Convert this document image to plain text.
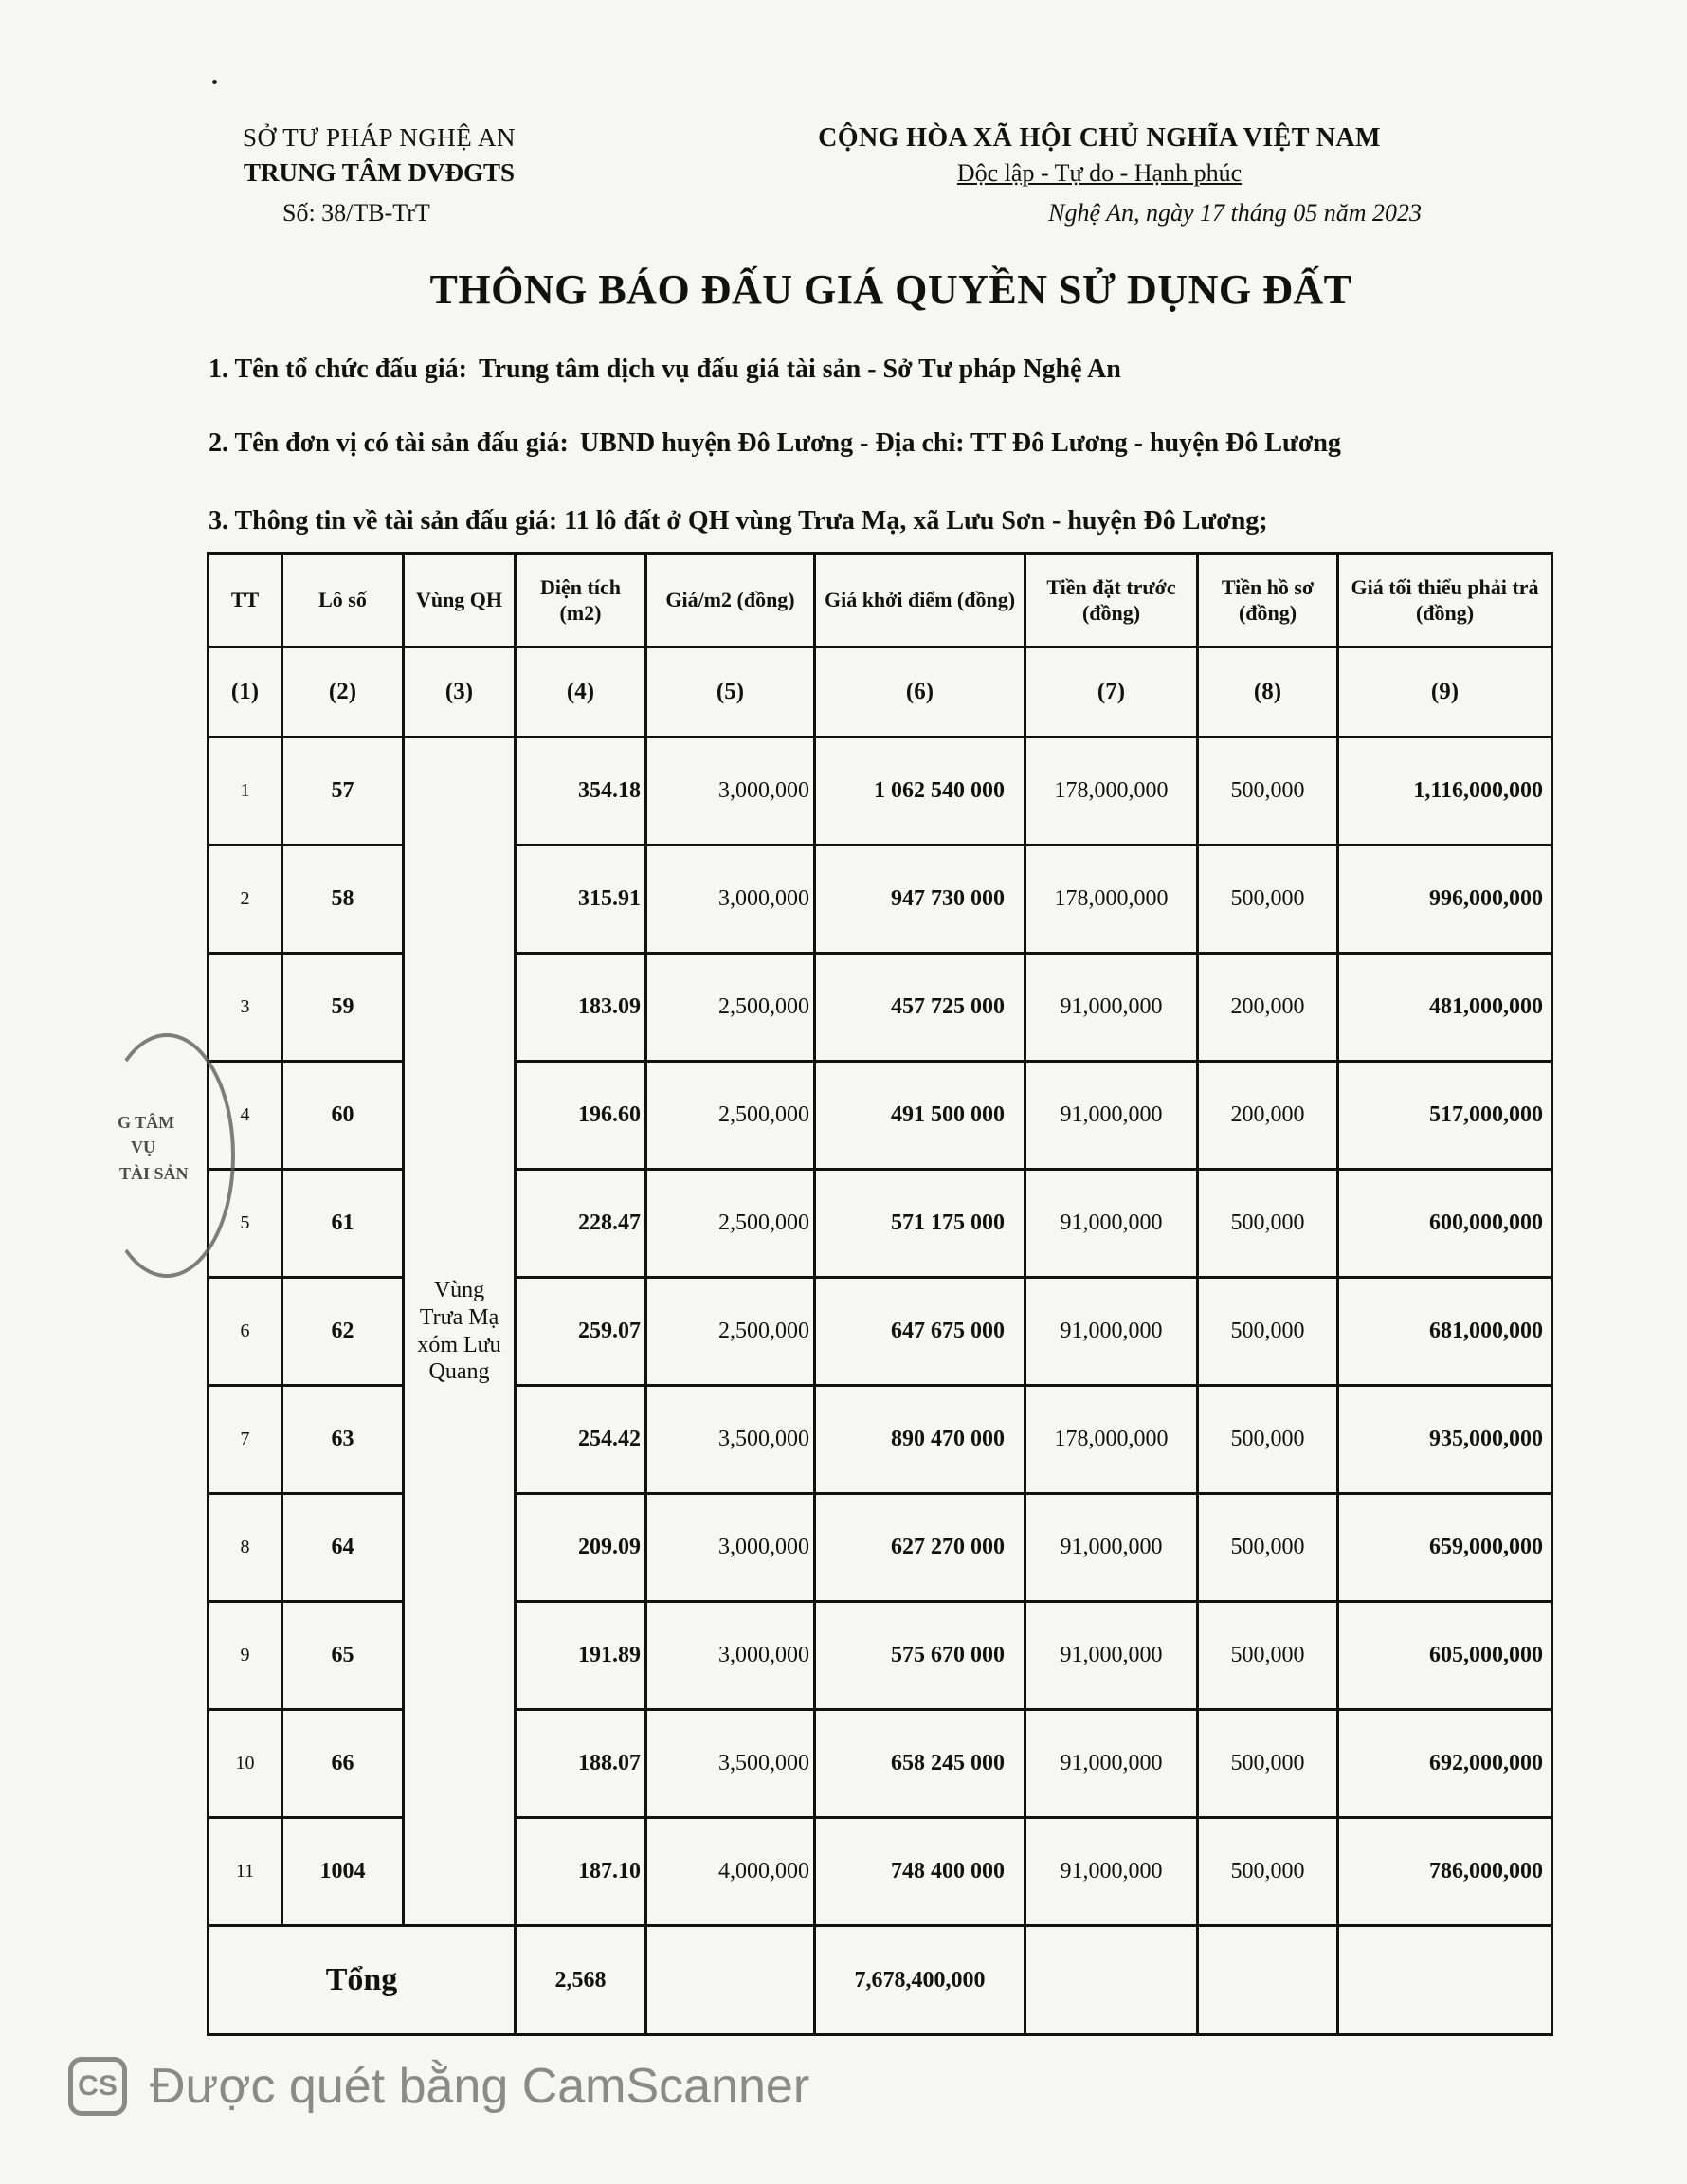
SỞ TƯ PHÁP NGHỆ AN
TRUNG TÂM DVĐGTS
Số: 38/TB-TrT
CỘNG HÒA XÃ HỘI CHỦ NGHĨA VIỆT NAM
Độc lập - Tự do - Hạnh phúc
Nghệ An, ngày 17 tháng 05 năm 2023
THÔNG BÁO ĐẤU GIÁ QUYỀN SỬ DỤNG ĐẤT
1. Tên tổ chức đấu giá: Trung tâm dịch vụ đấu giá tài sản - Sở Tư pháp Nghệ An
2. Tên đơn vị có tài sản đấu giá: UBND huyện Đô Lương - Địa chỉ: TT Đô Lương - huyện Đô Lương
3. Thông tin về tài sản đấu giá: 11 lô đất ở QH vùng Trưa Mạ, xã Lưu Sơn - huyện Đô Lương;
TT	Lô số	Vùng QH	Diện tích (m2)	Giá/m2 (đồng)	Giá khởi điểm (đồng)	Tiền đặt trước (đồng)	Tiền hồ sơ (đồng)	Giá tối thiểu phải trả (đồng)
(1)	(2)	(3)	(4)	(5)	(6)	(7)	(8)	(9)
1	57	Vùng Trưa Mạ xóm Lưu Quang	354.18	3,000,000	1 062 540 000	178,000,000	500,000	1,116,000,000
2	58		315.91	3,000,000	947 730 000	178,000,000	500,000	996,000,000
3	59		183.09	2,500,000	457 725 000	91,000,000	200,000	481,000,000
4	60		196.60	2,500,000	491 500 000	91,000,000	200,000	517,000,000
5	61		228.47	2,500,000	571 175 000	91,000,000	500,000	600,000,000
6	62		259.07	2,500,000	647 675 000	91,000,000	500,000	681,000,000
7	63		254.42	3,500,000	890 470 000	178,000,000	500,000	935,000,000
8	64		209.09	3,000,000	627 270 000	91,000,000	500,000	659,000,000
9	65		191.89	3,000,000	575 670 000	91,000,000	500,000	605,000,000
10	66		188.07	3,500,000	658 245 000	91,000,000	500,000	692,000,000
11	1004		187.10	4,000,000	748 400 000	91,000,000	500,000	786,000,000
Tổng			2,568		7,678,400,000			
G TÂM
VỤ
TÀI SẢN
CS Được quét bằng CamScanner
